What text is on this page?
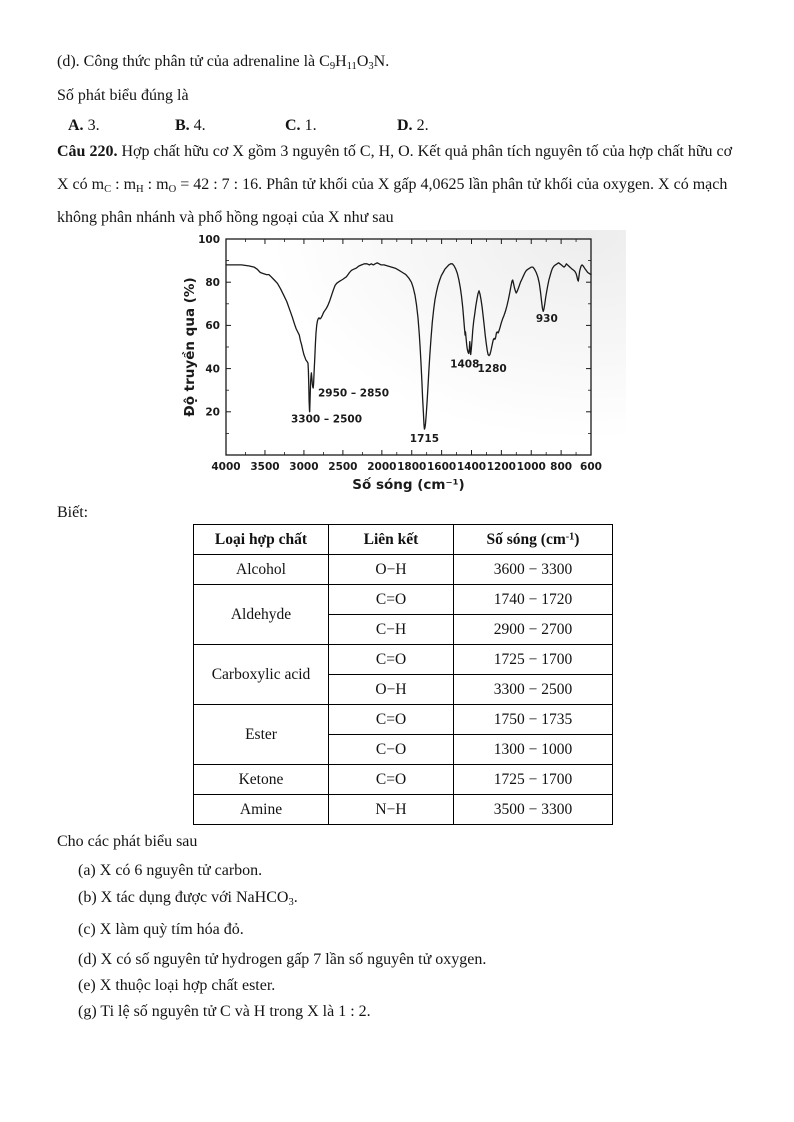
(d). Công thức phân tử của adrenaline là $C_9H_{11}O_3N$.
Số phát biểu đúng là
A. 3.	B. 4.	C. 1.	D. 2.
Câu 220. Hợp chất hữu cơ X gồm 3 nguyên tố C, H, O. Kết quả phân tích nguyên tố của hợp chất hữu cơ
X có $m_C$ : $m_H$ : $m_O = 42$ : 7 : 16. Phân tử khối của X gấp 4,0625 lần phân tử khối của oxygen. X có mạch
không phân nhánh và phổ hồng ngoại của X như sau
4000 3500 3000 2500 2000 1800 1600 1400 1200 1000 800 600
20
40
60
80
100
3300 – 2500
2950 – 2850
1715
1408
1280
930
Số sóng (cm⁻¹)
Độ truyền qua (%)
Biết:
Loại hợp chất	Liên kết	Số sóng $(cm^{-1})$
Alcohol	O−H	3600 − 3300
Aldehyde	C=O	1740 − 1720
	C−H	2900 − 2700
Carboxylic acid	C=O	1725 − 1700
	O−H	3300 − 2500
Ester	C=O	1750 − 1735
	C−O	1300 − 1000
Ketone	C=O	1725 − 1700
Amine	N−H	3500 − 3300
Cho các phát biểu sau
(a) X có 6 nguyên tử carbon.
(b) X tác dụng được với NaHCO$_3$.
(c) X làm quỳ tím hóa đỏ.
(d) X có số nguyên tử hydrogen gấp 7 lần số nguyên tử oxygen.
(e) X thuộc loại hợp chất ester.
(g) Ti lệ số nguyên tử C và H trong X là 1 : 2.
